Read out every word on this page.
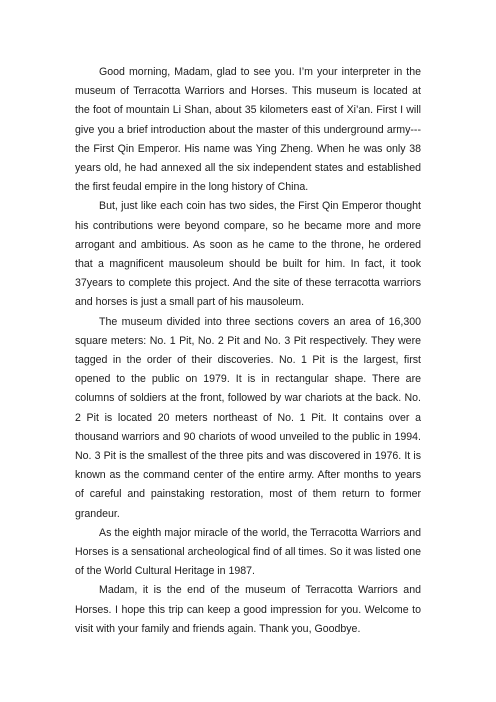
Good morning, Madam, glad to see you. I’m your interpreter in the museum of Terracotta Warriors and Horses. This museum is located at the foot of mountain Li Shan, about 35 kilometers east of Xi’an. First I will give you a brief introduction about the master of this underground army---the First Qin Emperor. His name was Ying Zheng. When he was only 38 years old, he had annexed all the six independent states and established the first feudal empire in the long history of China.

But, just like each coin has two sides, the First Qin Emperor thought his contributions were beyond compare, so he became more and more arrogant and ambitious. As soon as he came to the throne, he ordered that a magnificent mausoleum should be built for him. In fact, it took 37years to complete this project. And the site of these terracotta warriors and horses is just a small part of his mausoleum.

The museum divided into three sections covers an area of 16,300 square meters: No. 1 Pit, No. 2 Pit and No. 3 Pit respectively. They were tagged in the order of their discoveries. No. 1 Pit is the largest, first opened to the public on 1979. It is in rectangular shape. There are columns of soldiers at the front, followed by war chariots at the back. No. 2 Pit is located 20 meters northeast of No. 1 Pit. It contains over a thousand warriors and 90 chariots of wood unveiled to the public in 1994. No. 3 Pit is the smallest of the three pits and was discovered in 1976. It is known as the command center of the entire army. After months to years of careful and painstaking restoration, most of them return to former grandeur.

As the eighth major miracle of the world, the Terracotta Warriors and Horses is a sensational archeological find of all times. So it was listed one of the World Cultural Heritage in 1987.

Madam, it is the end of the museum of Terracotta Warriors and Horses. I hope this trip can keep a good impression for you. Welcome to visit with your family and friends again. Thank you, Goodbye.
